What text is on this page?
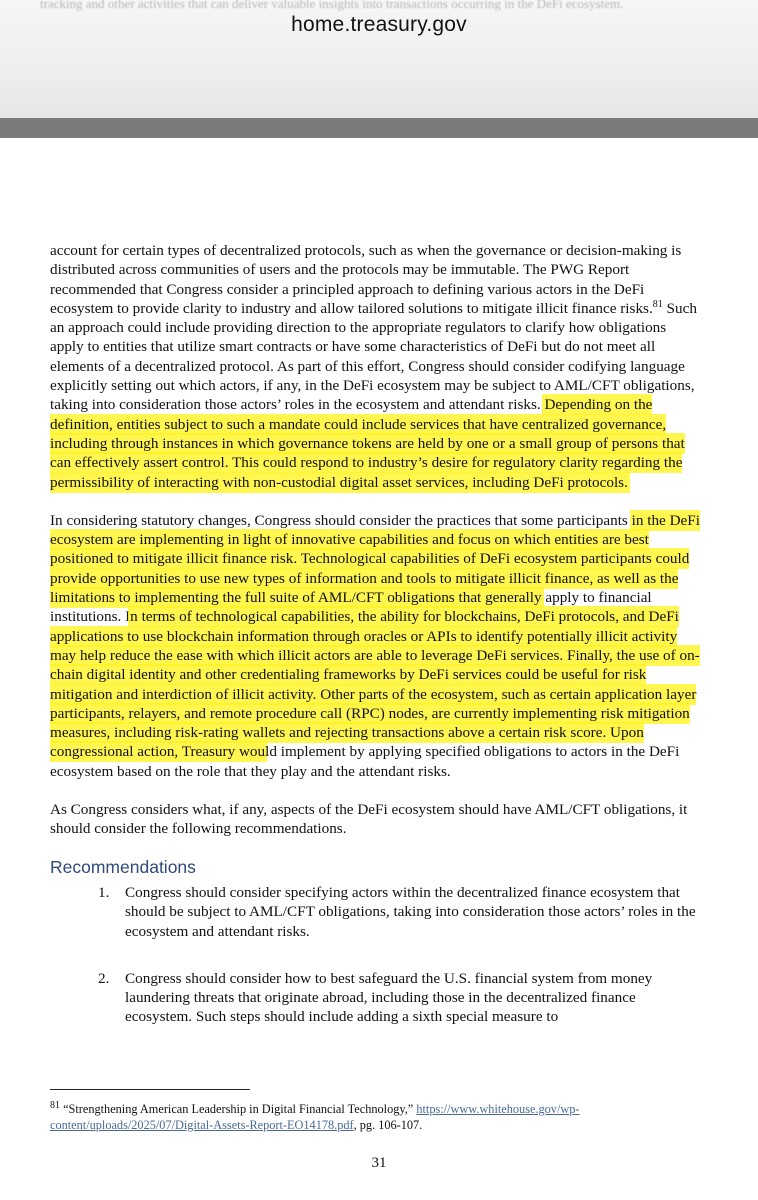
tracking and other activities that can deliver valuable insights into transactions occurring in the DeFi ecosystem.
home.treasury.gov

account for certain types of decentralized protocols, such as when the governance or decision-making is distributed across communities of users and the protocols may be immutable. The PWG Report recommended that Congress consider a principled approach to defining various actors in the DeFi ecosystem to provide clarity to industry and allow tailored solutions to mitigate illicit finance risks.$^{81}$ Such an approach could include providing direction to the appropriate regulators to clarify how obligations apply to entities that utilize smart contracts or have some characteristics of DeFi but do not meet all elements of a decentralized protocol. As part of this effort, Congress should consider codifying language explicitly setting out which actors, if any, in the DeFi ecosystem may be subject to AML/CFT obligations, taking into consideration those actors’ roles in the ecosystem and attendant risks. Depending on the definition, entities subject to such a mandate could include services that have centralized governance, including through instances in which governance tokens are held by one or a small group of persons that can effectively assert control. This could respond to industry’s desire for regulatory clarity regarding the permissibility of interacting with non-custodial digital asset services, including DeFi protocols.

In considering statutory changes, Congress should consider the practices that some participants in the DeFi ecosystem are implementing in light of innovative capabilities and focus on which entities are best positioned to mitigate illicit finance risk. Technological capabilities of DeFi ecosystem participants could provide opportunities to use new types of information and tools to mitigate illicit finance, as well as the limitations to implementing the full suite of AML/CFT obligations that generally apply to financial institutions. In terms of technological capabilities, the ability for blockchains, DeFi protocols, and DeFi applications to use blockchain information through oracles or APIs to identify potentially illicit activity may help reduce the ease with which illicit actors are able to leverage DeFi services. Finally, the use of on-chain digital identity and other credentialing frameworks by DeFi services could be useful for risk mitigation and interdiction of illicit activity. Other parts of the ecosystem, such as certain application layer participants, relayers, and remote procedure call (RPC) nodes, are currently implementing risk mitigation measures, including risk-rating wallets and rejecting transactions above a certain risk score. Upon congressional action, Treasury would implement by applying specified obligations to actors in the DeFi ecosystem based on the role that they play and the attendant risks.

As Congress considers what, if any, aspects of the DeFi ecosystem should have AML/CFT obligations, it should consider the following recommendations.

Recommendations
1. Congress should consider specifying actors within the decentralized finance ecosystem that should be subject to AML/CFT obligations, taking into consideration those actors’ roles in the ecosystem and attendant risks.
2. Congress should consider how to best safeguard the U.S. financial system from money laundering threats that originate abroad, including those in the decentralized finance ecosystem. Such steps should include adding a sixth special measure to
$^{81}$ “Strengthening American Leadership in Digital Financial Technology,” https://www.whitehouse.gov/wp-content/uploads/2025/07/Digital-Assets-Report-EO14178.pdf, pg. 106-107.
31
